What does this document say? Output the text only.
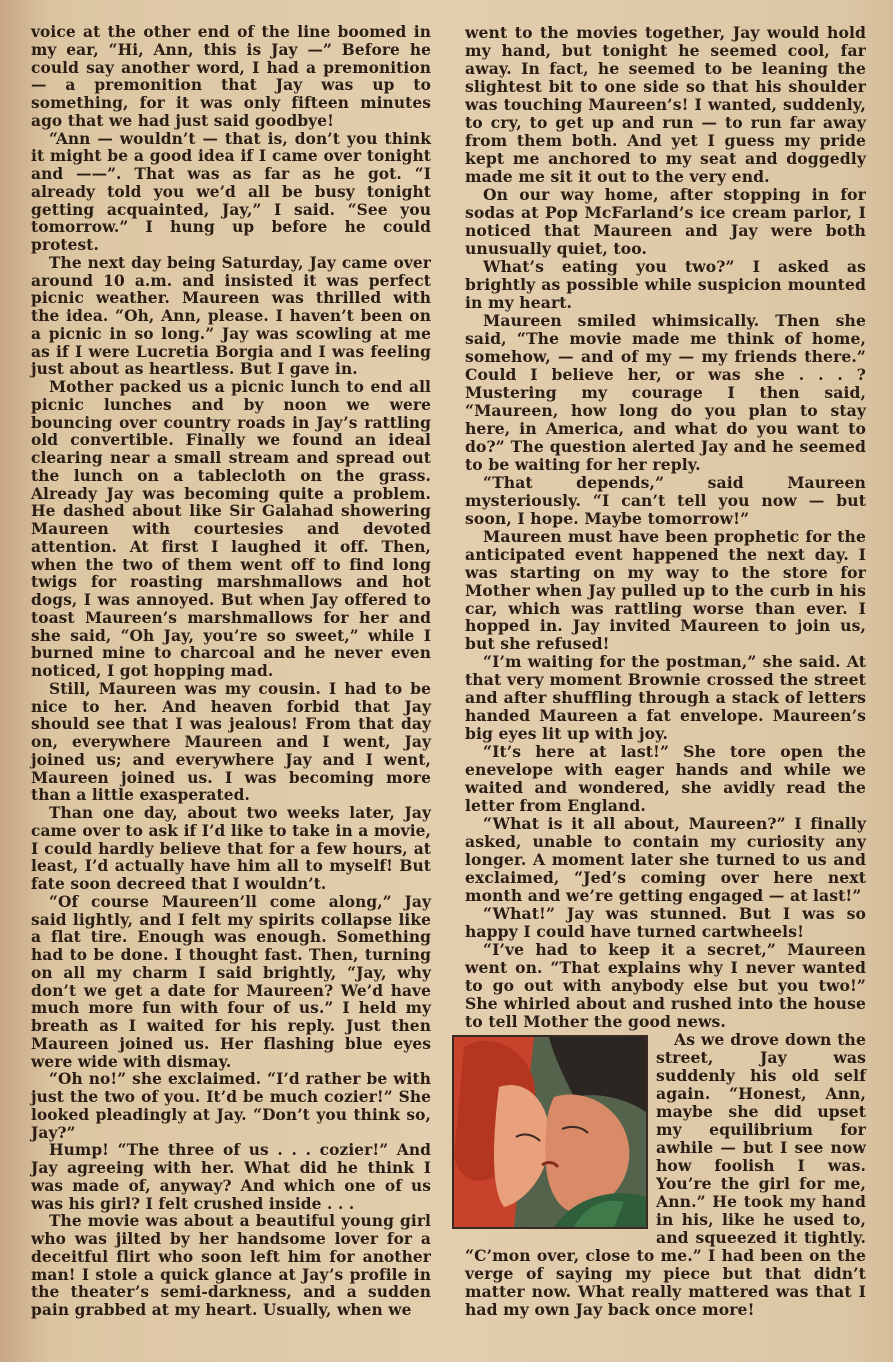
voice at the other end of the line boomed in my ear, “Hi, Ann, this is Jay —” Before he could say another word, I had a premonition — a premonition that Jay was up to something, for it was only fifteen minutes ago that we had just said goodbye!

“Ann — wouldn’t — that is, don’t you think it might be a good idea if I came over tonight and ——”. That was as far as he got. “I already told you we’d all be busy tonight getting acquainted, Jay,” I said. “See you tomorrow.” I hung up before he could protest.

The next day being Saturday, Jay came over around 10 a.m. and insisted it was perfect picnic weather. Maureen was thrilled with the idea. “Oh, Ann, please. I haven’t been on a picnic in so long.” Jay was scowling at me as if I were Lucretia Borgia and I was feeling just about as heartless. But I gave in.

Mother packed us a picnic lunch to end all picnic lunches and by noon we were bouncing over country roads in Jay’s rattling old convertible. Finally we found an ideal clearing near a small stream and spread out the lunch on a tablecloth on the grass. Already Jay was becoming quite a problem. He dashed about like Sir Galahad showering Maureen with courtesies and devoted attention. At first I laughed it off. Then, when the two of them went off to find long twigs for roasting marshmallows and hot dogs, I was annoyed. But when Jay offered to toast Maureen’s marshmallows for her and she said, “Oh Jay, you’re so sweet,” while I burned mine to charcoal and he never even noticed, I got hopping mad.

Still, Maureen was my cousin. I had to be nice to her. And heaven forbid that Jay should see that I was jealous! From that day on, everywhere Maureen and I went, Jay joined us; and everywhere Jay and I went, Maureen joined us. I was becoming more than a little exasperated.

Than one day, about two weeks later, Jay came over to ask if I’d like to take in a movie, I could hardly believe that for a few hours, at least, I’d actually have him all to myself! But fate soon decreed that I wouldn’t.

“Of course Maureen’ll come along,” Jay said lightly, and I felt my spirits collapse like a flat tire. Enough was enough. Something had to be done. I thought fast. Then, turning on all my charm I said brightly, “Jay, why don’t we get a date for Maureen? We’d have much more fun with four of us.” I held my breath as I waited for his reply. Just then Maureen joined us. Her flashing blue eyes were wide with dismay.

“Oh no!” she exclaimed. “I’d rather be with just the two of you. It’d be much cozier!” She looked pleadingly at Jay. “Don’t you think so, Jay?”

Hump! “The three of us . . . cozier!” And Jay agreeing with her. What did he think I was made of, anyway? And which one of us was his girl? I felt crushed inside . . .

The movie was about a beautiful young girl who was jilted by her handsome lover for a deceitful flirt who soon left him for another man! I stole a quick glance at Jay’s profile in the theater’s semi-darkness, and a sudden pain grabbed at my heart. Usually, when we

went to the movies together, Jay would hold my hand, but tonight he seemed cool, far away. In fact, he seemed to be leaning the slightest bit to one side so that his shoulder was touching Maureen’s! I wanted, suddenly, to cry, to get up and run — to run far away from them both. And yet I guess my pride kept me anchored to my seat and doggedly made me sit it out to the very end.

On our way home, after stopping in for sodas at Pop McFarland’s ice cream parlor, I noticed that Maureen and Jay were both unusually quiet, too.

What’s eating you two?” I asked as brightly as possible while suspicion mounted in my heart.

Maureen smiled whimsically. Then she said, “The movie made me think of home, somehow, — and of my — my friends there.” Could I believe her, or was she . . . ? Mustering my courage I then said, “Maureen, how long do you plan to stay here, in America, and what do you want to do?” The question alerted Jay and he seemed to be waiting for her reply.

“That depends,” said Maureen mysteriously. “I can’t tell you now — but soon, I hope. Maybe tomorrow!”

Maureen must have been prophetic for the anticipated event happened the next day. I was starting on my way to the store for Mother when Jay pulled up to the curb in his car, which was rattling worse than ever. I hopped in. Jay invited Maureen to join us, but she refused!

“I’m waiting for the postman,” she said. At that very moment Brownie crossed the street and after shuffling through a stack of letters handed Maureen a fat envelope. Maureen’s big eyes lit up with joy.

“It’s here at last!” She tore open the enevelope with eager hands and while we waited and wondered, she avidly read the letter from England.

“What is it all about, Maureen?” I finally asked, unable to contain my curiosity any longer. A moment later she turned to us and exclaimed, “Jed’s coming over here next month and we’re getting engaged — at last!”

“What!” Jay was stunned. But I was so happy I could have turned cartwheels!

“I’ve had to keep it a secret,” Maureen went on. “That explains why I never wanted to go out with anybody else but you two!” She whirled about and rushed into the house to tell Mother the good news.

As we drove down the street, Jay was suddenly his old self again. “Honest, Ann, maybe she did upset my equilibrium for awhile — but I see now how foolish I was. You’re the girl for me, Ann.” He took my hand in his, like he used to, and squeezed it tightly. “C’mon over, close to me.” I had been on the verge of saying my piece but that didn’t matter now. What really mattered was that I had my own Jay back once more!
